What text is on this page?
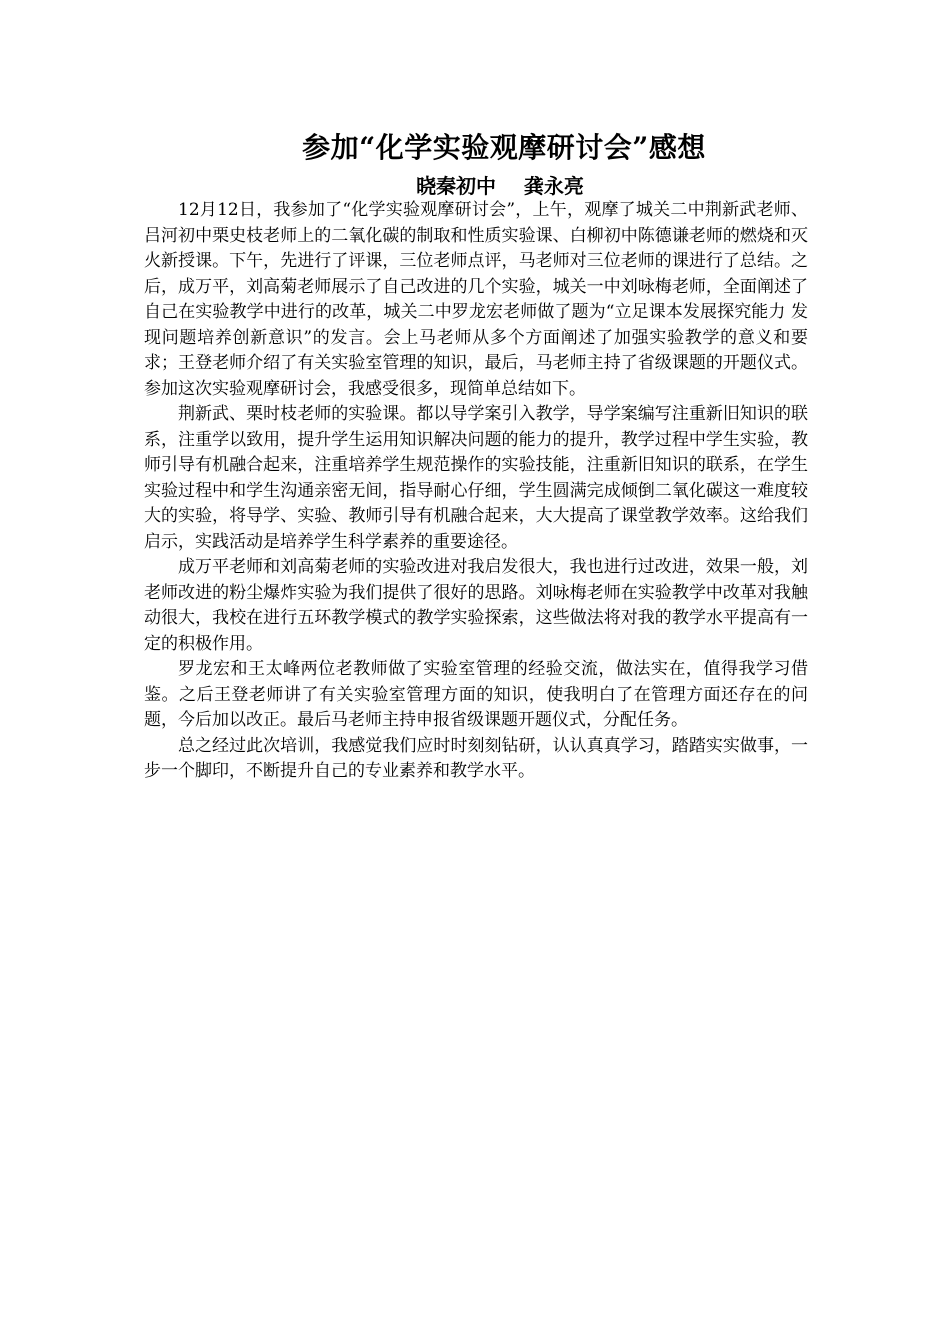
参加“化学实验观摩研讨会”感想
晓秦初中    龚永亮

12月12日，我参加了“化学实验观摩研讨会”，上午，观摩了城关二中荆新武老师、吕河初中栗史枝老师上的二氧化碳的制取和性质实验课、白柳初中陈德谦老师的燃烧和灭火新授课。下午，先进行了评课，三位老师点评，马老师对三位老师的课进行了总结。之后，成万平，刘高菊老师展示了自己改进的几个实验，城关一中刘咏梅老师，全面阐述了自己在实验教学中进行的改革，城关二中罗龙宏老师做了题为“立足课本发展探究能力 发现问题培养创新意识”的发言。会上马老师从多个方面阐述了加强实验教学的意义和要求；王登老师介绍了有关实验室管理的知识，最后，马老师主持了省级课题的开题仪式。参加这次实验观摩研讨会，我感受很多，现简单总结如下。

荆新武、栗时枝老师的实验课。都以导学案引入教学，导学案编写注重新旧知识的联系，注重学以致用，提升学生运用知识解决问题的能力的提升，教学过程中学生实验，教师引导有机融合起来，注重培养学生规范操作的实验技能，注重新旧知识的联系，在学生实验过程中和学生沟通亲密无间，指导耐心仔细，学生圆满完成倾倒二氧化碳这一难度较大的实验，将导学、实验、教师引导有机融合起来，大大提高了课堂教学效率。这给我们启示，实践活动是培养学生科学素养的重要途径。

成万平老师和刘高菊老师的实验改进对我启发很大，我也进行过改进，效果一般，刘老师改进的粉尘爆炸实验为我们提供了很好的思路。刘咏梅老师在实验教学中改革对我触动很大，我校在进行五环教学模式的教学实验探索，这些做法将对我的教学水平提高有一定的积极作用。

罗龙宏和王太峰两位老教师做了实验室管理的经验交流，做法实在，值得我学习借鉴。之后王登老师讲了有关实验室管理方面的知识，使我明白了在管理方面还存在的问题，今后加以改正。最后马老师主持申报省级课题开题仪式，分配任务。

总之经过此次培训，我感觉我们应时时刻刻钻研，认认真真学习，踏踏实实做事，一步一个脚印，不断提升自己的专业素养和教学水平。
